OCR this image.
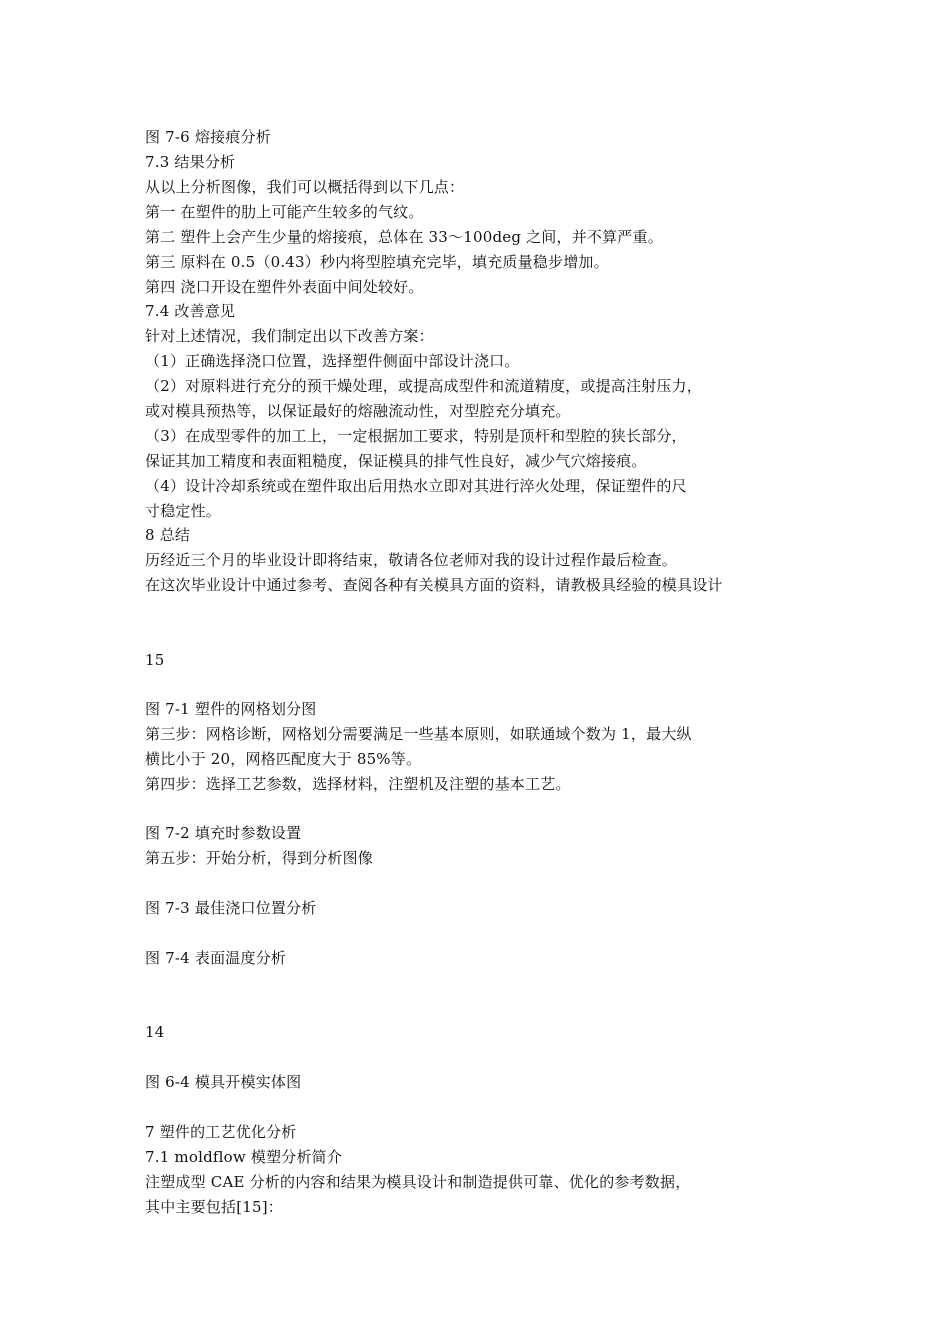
图 7-6 熔接痕分析
7.3 结果分析
从以上分析图像，我们可以概括得到以下几点：
第一 在塑件的肋上可能产生较多的气纹。
第二 塑件上会产生少量的熔接痕，总体在 33～100deg 之间，并不算严重。
第三 原料在 0.5（0.43）秒内将型腔填充完毕，填充质量稳步增加。
第四 浇口开设在塑件外表面中间处较好。
7.4 改善意见
针对上述情况，我们制定出以下改善方案：
（1）正确选择浇口位置，选择塑件侧面中部设计浇口。
（2）对原料进行充分的预干燥处理，或提高成型件和流道精度，或提高注射压力，
或对模具预热等，以保证最好的熔融流动性，对型腔充分填充。
（3）在成型零件的加工上，一定根据加工要求，特别是顶杆和型腔的狭长部分，
保证其加工精度和表面粗糙度，保证模具的排气性良好，减少气穴熔接痕。
（4）设计冷却系统或在塑件取出后用热水立即对其进行淬火处理，保证塑件的尺
寸稳定性。
8 总结
历经近三个月的毕业设计即将结束，敬请各位老师对我的设计过程作最后检查。
在这次毕业设计中通过参考、查阅各种有关模具方面的资料，请教极具经验的模具设计
15
图 7-1 塑件的网格划分图
第三步：网格诊断，网格划分需要满足一些基本原则，如联通域个数为 1，最大纵
横比小于 20，网格匹配度大于 85%等。
第四步：选择工艺参数，选择材料，注塑机及注塑的基本工艺。
图 7-2 填充时参数设置
第五步：开始分析，得到分析图像
图 7-3 最佳浇口位置分析
图 7-4 表面温度分析
14
图 6-4 模具开模实体图
7 塑件的工艺优化分析
7.1 moldflow 模塑分析简介
注塑成型 CAE 分析的内容和结果为模具设计和制造提供可靠、优化的参考数据，
其中主要包括[15]：
